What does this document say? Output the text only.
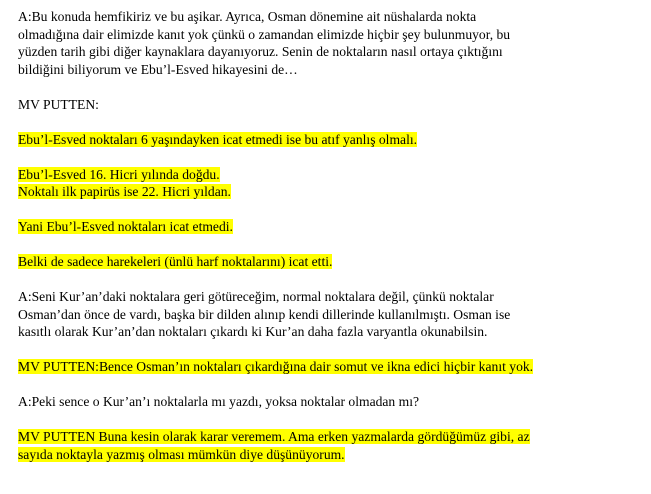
A:Bu konuda hemfikiriz ve bu aşikar. Ayrıca, Osman dönemine ait nüshalarda nokta
olmadığına dair elimizde kanıt yok çünkü o zamandan elimizde hiçbir şey bulunmuyor, bu
yüzden tarih gibi diğer kaynaklara dayanıyoruz. Senin de noktaların nasıl ortaya çıktığını
bildiğini biliyorum ve Ebu’l-Esved hikayesini de…

MV PUTTEN:

Ebu’l-Esved noktaları 6 yaşındayken icat etmedi ise bu atıf yanlış olmalı.

Ebu’l-Esved 16. Hicri yılında doğdu.
Noktalı ilk papirüs ise 22. Hicri yıldan.

Yani Ebu’l-Esved noktaları icat etmedi.

Belki de sadece harekeleri (ünlü harf noktalarını) icat etti.

A:Seni Kur’an’daki noktalara geri götüreceğim, normal noktalara değil, çünkü noktalar
Osman’dan önce de vardı, başka bir dilden alınıp kendi dillerinde kullanılmıştı. Osman ise
kasıtlı olarak Kur’an’dan noktaları çıkardı ki Kur’an daha fazla varyantla okunabilsin.

MV PUTTEN:Bence Osman’ın noktaları çıkardığına dair somut ve ikna edici hiçbir kanıt yok.

A:Peki sence o Kur’an’ı noktalarla mı yazdı, yoksa noktalar olmadan mı?

MV PUTTEN Buna kesin olarak karar veremem. Ama erken yazmalarda gördüğümüz gibi, az
sayıda noktayla yazmış olması mümkün diye düşünüyorum.
